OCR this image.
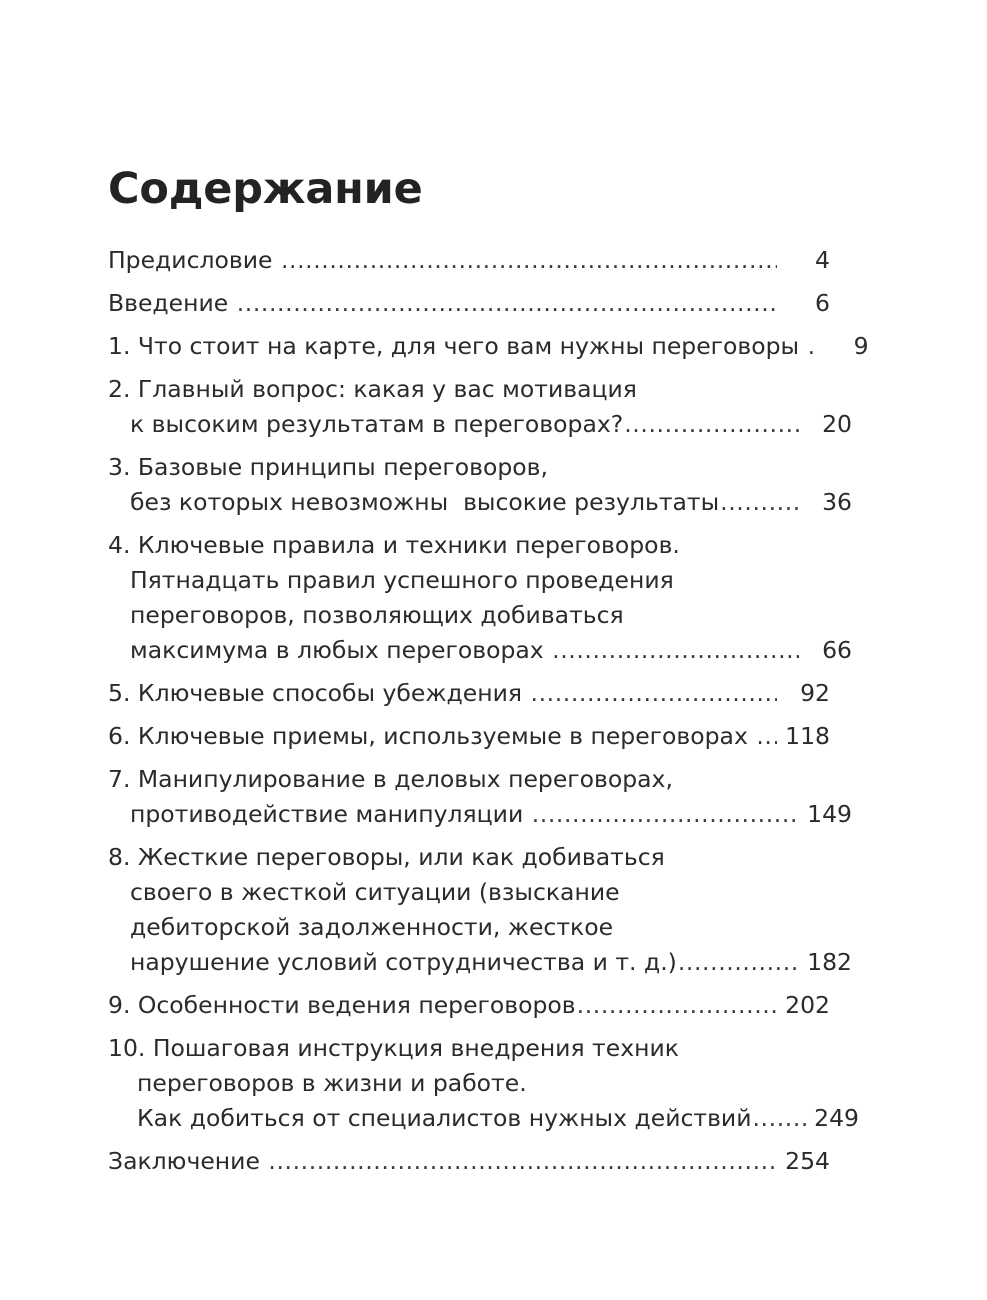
Содержание
Предисловие .....	4
Введение .....	6
1. Что стоит на карте, для чего вам нужны переговоры .....	9
2. Главный вопрос: какая у вас мотивация
к высоким результатам в переговорах? .....	20
3. Базовые принципы переговоров,
без которых невозможны  высокие результаты .....	36
4. Ключевые правила и техники переговоров.
Пятнадцать правил успешного проведения
переговоров, позволяющих добиваться
максимума в любых переговорах .....	66
5. Ключевые способы убеждения .....	92
6. Ключевые приемы, используемые в переговорах .....	118
7. Манипулирование в деловых переговорах,
противодействие манипуляции .....	149
8. Жесткие переговоры, или как добиваться
своего в жесткой ситуации (взыскание
дебиторской задолженности, жесткое
нарушение условий сотрудничества и т. д.) .....	182
9. Особенности ведения переговоров .....	202
10. Пошаговая инструкция внедрения техник
переговоров в жизни и работе.
Как добиться от специалистов нужных действий .....	249
Заключение .....	254
